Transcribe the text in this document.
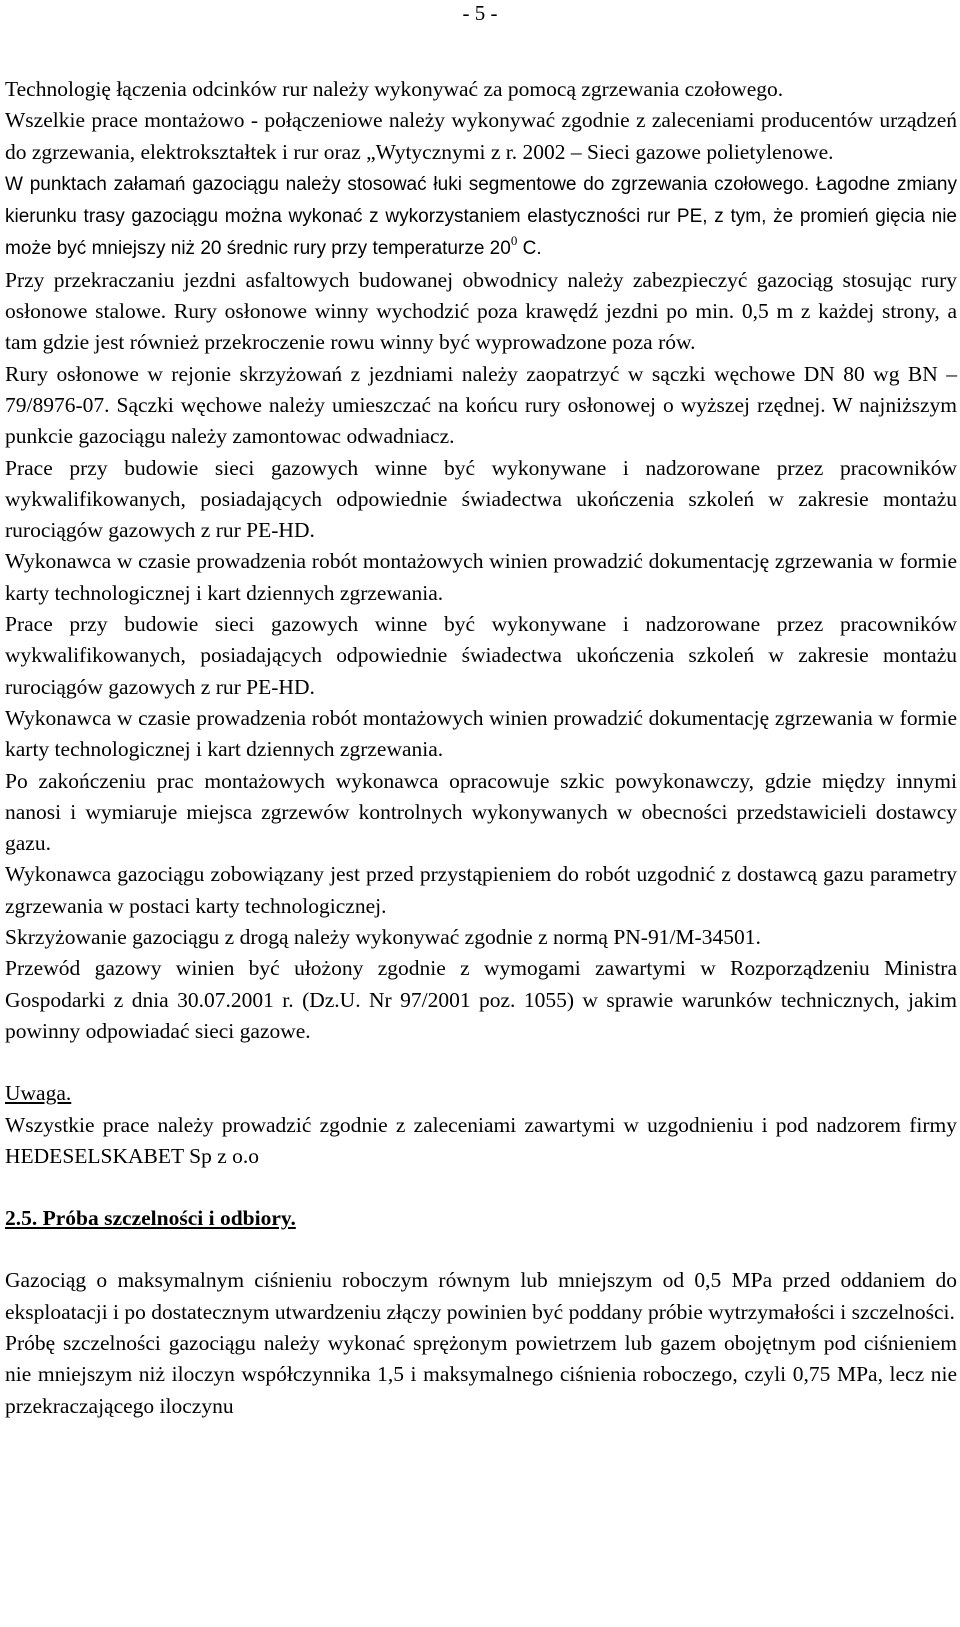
- 5 -

Technologię łączenia odcinków rur należy wykonywać za pomocą zgrzewania czołowego.

Wszelkie prace montażowo - połączeniowe należy wykonywać zgodnie z zaleceniami producentów urządzeń do zgrzewania, elektrokształtek i rur oraz „Wytycznymi z r. 2002 – Sieci gazowe polietylenowe.

W punktach załamań gazociągu należy stosować łuki segmentowe do zgrzewania czołowego. Łagodne zmiany kierunku trasy gazociągu można wykonać z wykorzystaniem elastyczności rur PE, z tym, że promień gięcia nie może być mniejszy niż 20 średnic rury przy temperaturze $20^0$ C.

Przy przekraczaniu jezdni asfaltowych budowanej obwodnicy należy zabezpieczyć gazociąg stosując rury osłonowe stalowe. Rury osłonowe winny wychodzić poza krawędź jezdni po min. 0,5 m z każdej strony, a tam gdzie jest również przekroczenie rowu winny być wyprowadzone poza rów.

Rury osłonowe w rejonie skrzyżowań z jezdniami należy zaopatrzyć w sączki węchowe DN 80 wg BN –79/8976-07. Sączki węchowe należy umieszczać na końcu rury osłonowej o wyższej rzędnej. W najniższym punkcie gazociągu należy zamontowac odwadniacz.

Prace przy budowie sieci gazowych winne być wykonywane i nadzorowane przez pracowników wykwalifikowanych, posiadających odpowiednie świadectwa ukończenia szkoleń w zakresie montażu rurociągów gazowych z rur PE-HD.

Wykonawca w czasie prowadzenia robót montażowych winien prowadzić dokumentację zgrzewania w formie karty technologicznej i kart dziennych zgrzewania.

Prace przy budowie sieci gazowych winne być wykonywane i nadzorowane przez pracowników wykwalifikowanych, posiadających odpowiednie świadectwa ukończenia szkoleń w zakresie montażu rurociągów gazowych z rur PE-HD.

Wykonawca w czasie prowadzenia robót montażowych winien prowadzić dokumentację zgrzewania w formie karty technologicznej i kart dziennych zgrzewania.

Po zakończeniu prac montażowych wykonawca opracowuje szkic powykonawczy, gdzie między innymi nanosi i wymiaruje miejsca zgrzewów kontrolnych wykonywanych w obecności przedstawicieli dostawcy gazu.

Wykonawca gazociągu zobowiązany jest przed przystąpieniem do robót uzgodnić z dostawcą gazu parametry zgrzewania w postaci karty technologicznej.

Skrzyżowanie gazociągu z drogą należy wykonywać zgodnie z normą PN-91/M-34501.

Przewód gazowy winien być ułożony zgodnie z wymogami zawartymi w Rozporządzeniu Ministra Gospodarki z dnia 30.07.2001 r. (Dz.U. Nr 97/2001 poz. 1055) w sprawie warunków technicznych, jakim powinny odpowiadać sieci gazowe.

Uwaga.

Wszystkie prace należy prowadzić zgodnie z zaleceniami zawartymi w uzgodnieniu i pod nadzorem firmy HEDESELSKABET Sp z o.o

2.5. Próba szczelności i odbiory.

Gazociąg o maksymalnym ciśnieniu roboczym równym lub mniejszym od 0,5 MPa przed oddaniem do eksploatacji i po dostatecznym utwardzeniu złączy powinien być poddany próbie wytrzymałości i szczelności.

Próbę szczelności gazociągu należy wykonać sprężonym powietrzem lub gazem obojętnym pod ciśnieniem nie mniejszym niż iloczyn współczynnika 1,5 i maksymalnego ciśnienia roboczego, czyli 0,75 MPa, lecz nie przekraczającego iloczynu
